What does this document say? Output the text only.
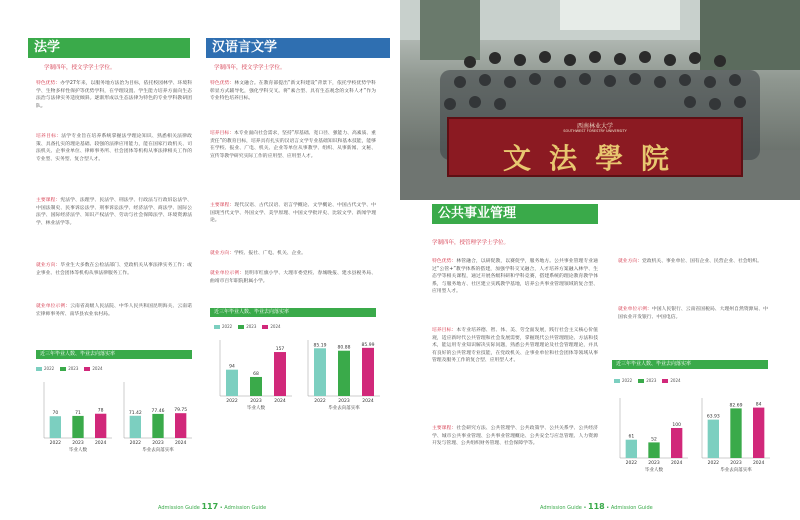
法学
学制四年，授文学学士学位。
特色优势：办学27年来，以服务地方法治为目标，依托校园林学、环境科学、生物多样性保护等优势学科，在学理设置、学生能力培养方面向生态法治与法律实务适度倾斜。逐渐形成以生态法律为特色的专业学科教研团队。
培养目标：法学专业旨在培养系统掌握法学理论知识、熟悉相关法律政策、具备扎实的理论基础、较强的法律应用能力，能在国家行政机关、司法机关、企事业单位、律师事务所、社会团体等机构从事法律相关工作的专业型、实务型、复合型人才。
主要课程：宪法学、法理学、民法学、刑法学、行政法与行政诉讼法学、中国法制史、民事诉讼法学、刑事诉讼法学、经济法学、商法学、国际公法学、国际经济法学、知识产权法学、劳动与社会保障法学、环境资源法学、林业法学等。
就业方向：毕业生大多数在公检法部门、党政机关从事法律实务工作；或企事业、社会团体等机构从事法律服务工作。
就业单位示例：云南省高级人民法院、中华人民共和国昆明海关、云南诺宏律师事务所、南华县农业农村局。
近三年毕业人数、毕业去向落实率
2022	2023	2024
70
2022
71
2023
78
2024
毕业人数
71.42
2022
77.46
2023
79.75
2024
毕业去向落实率
汉语言文学
学制四年，授文学学士学位。
特色优势：林文融合。在教育部提出“新文科建设”背景下，依托学校优势学科彰显方式辅导化，强化学科交叉。将“素合型、具有生态观念的文科人才”作为专业特色培养目标。
培养目标：本专业面向社会需求，坚持“厚基础、宽口径、强能力、高素质、重责任”的教育目标，培养具有扎实的汉语言文学专业基础知识和基本技能，能够在学校、报业、广电、机关、企业等单位从事教学、组织、从事新闻、文秘、宣传等教学研究实际工作的应用型、应用型人才。
主要课程：现代汉语、古代汉语、语言学概论、文学概论、中国古代文学、中国现当代文学、外国文学、美学原理、中国文学批评史、比较文学、新闻学理论。
就业方向：学校、报社、广电、机关、企业。
就业单位示例：昆明市红旗小学、大理市委党校、春城晚报、建水县税务局、曲靖市百年职院附属小学。
近三年毕业人数、毕业去向落实率
2022	2023	2024
94
2022
68
2023
157
2024
毕业人数
85.19
2022
80.88
2023
85.99
2024
毕业去向落实率
西南林业大学
SOUTHWEST FORESTRY UNIVERSITY
文法學院
公共事业管理
学制四年，授管理学学士学位。
特色优势：林管融合，以研促教，以赛促学，服务地方。公共事业管理专业通过“公管+”教学体系的搭建，加强学科交叉融合，人才培养方案融入林学、生态学等相关课程，通过开展各级科研和学科竞赛，搭建系统的理论教育教学体系，与服务地方、社区建立实践教学基地，培养公共事业管理领域的复合型、应用型人才。
培养目标：本专业培养德、智、体、美、劳全面发展，践行社会主义核心价值观，适应新时代公共管理和社会发展需要，掌握现代公共管理理论、方法和技术，能运用专业知识解决实际问题，熟悉公共管理理论及社会管理理论，并具有良好的公共管理专业技能，在党政机关、企事业单位和社会团体等领域从事管理及服务工作的复合型、应用型人才。
主要课程：社会研究方法、公共管理学、公共政策学、公共关系学、公共经济学、城市公共事业管理、公共事业管理概论、公共安全与应急管理、人力资源开发与管理、公共组织财务管理、社会保障学等。
就业方向：党政机关、事业单位、国有企业、民营企业、社会组织。
就业单位示例：中国人民银行、云南省国税局、大理州自然资源局、中国农业开发银行、中国电信。
近三年毕业人数、毕业去向落实率
2022	2023	2024
61
2022
52
2023
100
2024
毕业人数
63.93
2022
82.69
2023
84
2024
毕业去向落实率
Admission Guide 117 • Admission Guide	Admission Guide • 118 • Admission Guide
